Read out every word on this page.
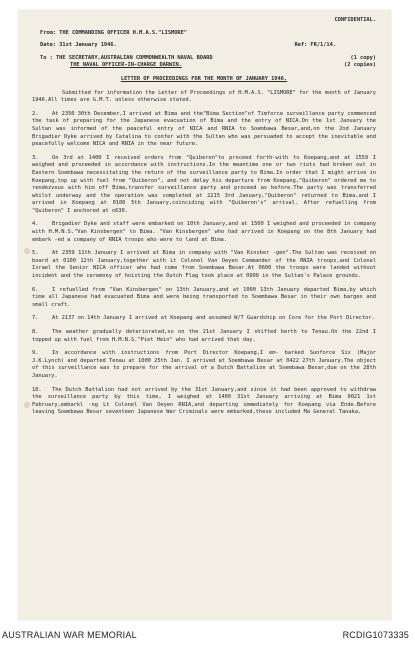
CONFIDENTIAL.
From: THE COMMANDING OFFICER H.M.A.S."LISMORE"
Date: 31st January 1946.	Ref: FR/1/14.
To : THE SECRETARY,AUSTRALIAN COMMONWEALTH NAVAL BOARD	(1 copy)
THE NAVAL OFFICER-IN-CHARGE DARWIN.	(2 copies)
LETTER OF PROCEEDINGS FOR THE MONTH OF JANUARY 1946.

Submitted for information the Letter of Proceedings of H.M.A.S. "LISMORE" for the month of January 1946.All times are G.M.T. unless otherwise stated.

2.	At 2350 30th December,I arrived at Bima and the"Bima Section"of Timforce surveillance party commenced the task of preparing for the Japanese evacuation of Bima and the entry of NICA.On the 1st January the Sultan was informed of the peaceful entry of NICA and RNIA to Soembawa Besar,and,on the 2nd January Brigadier Dyke arrived by Catalina to confer with the Sultan who was persuaded to accept the inevitable and peacefully welcome NICA and RNIA in the near future.

3.	On 3rd at 1400 I received orders from "Quiberon"to proceed forth-with to Koepang,and at 1559 I weighed and proceeded in accordance with instructions.In the meantime one or two riots had broken out in Eastern Soembawa necessitating the return of the surveillance party to Bima.In order that I might arrive in Koepang,top up with fuel from "Quiberon", and not delay his departure from Koepang,"Quiberon" ordered me to rendezvous with him off Bima,transfer surveillance party and proceed as before.The party was transferred whilst underway and the operation was completed at 2215 3rd January,"Quiberon" returned to Bima,and I arrived in Koepang at 0100 5th January,coinciding with "Quiberon's" arrival. After refuelling from "Quiberon" I anchored at o630.

4.	Brigadier Dyke and staff were embarked on 10th January,and at 1500 I weighed and proceeded in company with H.M.N.S."Van Kinsbergen" to Bima. "Van Kinsbergen" who had arrived in Koepang on the 8th January had embark -ed a company of RNIA troops who were to land at Bima.

5.	At 2359 11th January I arrived at Bima in company with "Van Kinsber -gen".The Sultan was received on board at 0100 12th January,together with Lt Colonel Van Oeyen Commander of the RNIA troops,and Colonel Israel the Senior NICA officer who had come from Soembawa Besar.At 0600 the troops were landed without incident and the ceremony of hoisting the Dutch Flag took place at 0900 in the Sultan's Palace grounds.

6.	I refuelled from "Van Kinsbergen" on 13th January,and at 1000 13th January departed Bima,by which time all Japanese had evacuated Bima and were being transported to Soembawa Besar in their own barges and small craft.

7.	At 2137 on 14th January I arrived at Koepang and assumed W/T Guardship on Core for the Port Director.

8.	The weather gradually deteriorated,so on the 21st January I shifted berth to Tenau.On the 22nd I topped up with fuel from H.M.N.S."Piet Hein" who had arrived that day.

9.	In accordance with instructions from Port Director Koepang,I em- barked Sunforce Six (Major J.K.Lynch) and departed Tenau at 1000 25th Jan. I arrived at Soembawa Besar at 0422 27th January.The object of this surveillance was to prepare for the arrival of a Dutch Battalion at Soembawa Besar,due on the 28th January.

10. The Dutch Battalion had not arrived by the 31st January,and since it had been approved to withdraw the surveillance party by this time, I weighed at 1400 31st January arriving at Bima 0021 1st February,embarkl -ng Lt Colonel Van Oeyen RNIA,and departing immediately for Koepang via Ende.Before leaving Soembawa Besar seventeen Japanese War Criminals were embarked,these included Ma General Tanaka.

AUSTRALIAN WAR MEMORIAL	RCDIG1073335
